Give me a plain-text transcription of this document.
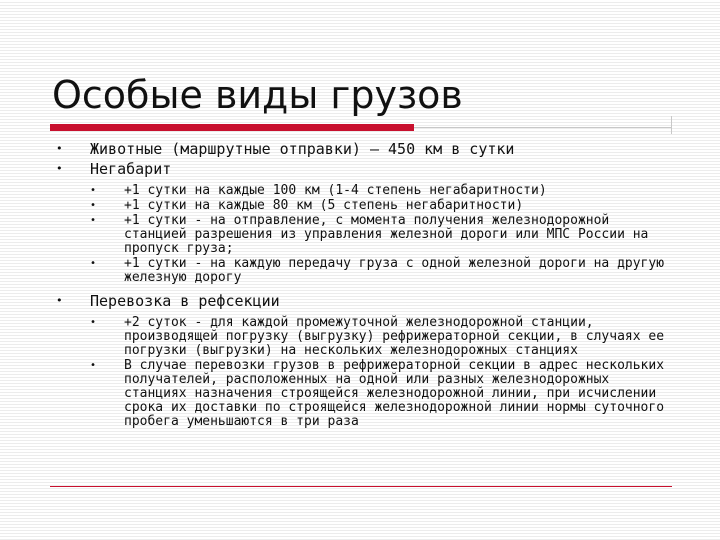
Особые виды грузов
• Животные (маршрутные отправки) – 450 км в сутки
• Негабарит
• +1 сутки на каждые 100 км (1-4 степень негабаритности)
• +1 сутки на каждые 80 км (5 степень негабаритности)
• +1 сутки - на отправление, с момента получения железнодорожной станцией разрешения из управления железной дороги или МПС России на пропуск груза;
• +1 сутки - на каждую передачу груза с одной железной дороги на другую железную дорогу
• Перевозка в рефсекции
• +2 суток - для каждой промежуточной железнодорожной станции, производящей погрузку (выгрузку) рефрижераторной секции, в случаях ее погрузки (выгрузки) на нескольких железнодорожных станциях
• В случае перевозки грузов в рефрижераторной секции в адрес нескольких получателей, расположенных на одной или разных железнодорожных станциях назначения строящейся железнодорожной линии, при исчислении срока их доставки по строящейся железнодорожной линии нормы суточного пробега уменьшаются в три раза
